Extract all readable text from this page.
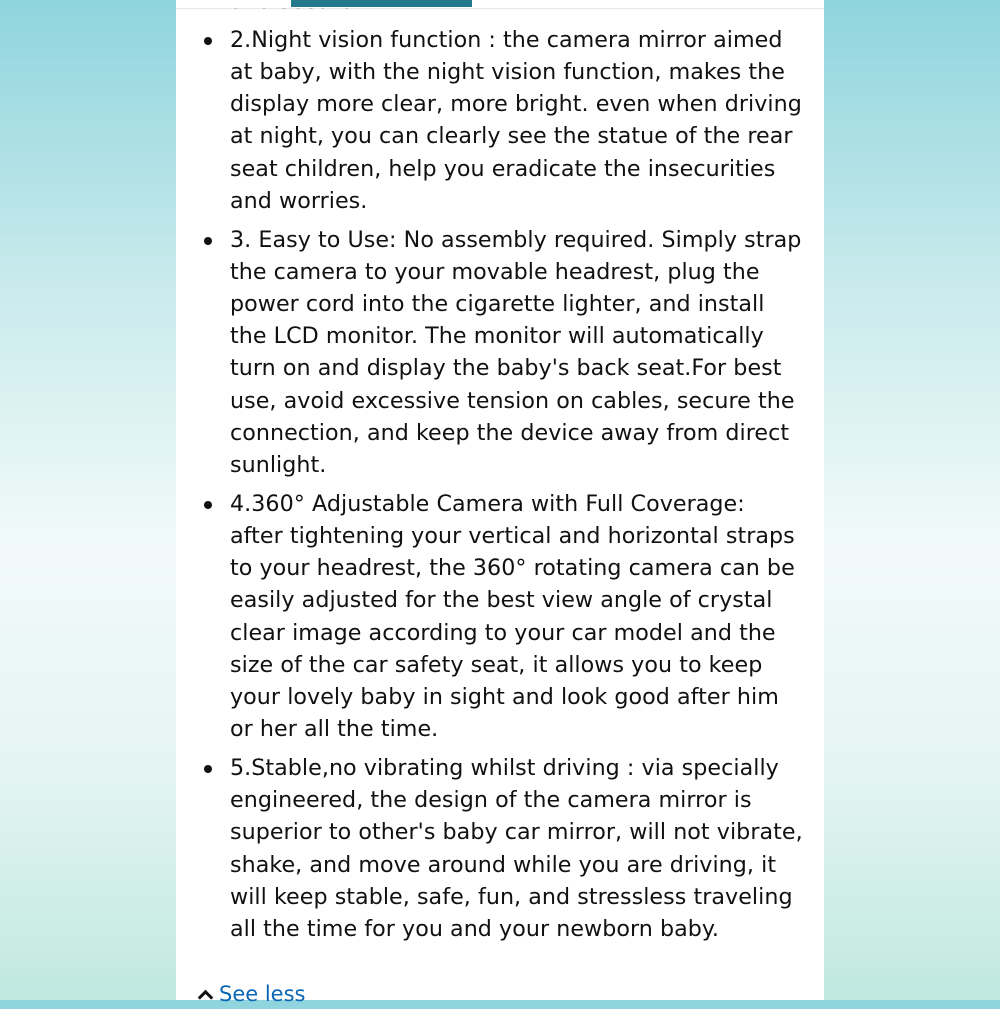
2.Night vision function : the camera mirror aimed at baby, with the night vision function, makes the display more clear, more bright. even when driving at night, you can clearly see the statue of the rear seat children, help you eradicate the insecurities and worries.
3. Easy to Use: No assembly required. Simply strap the camera to your movable headrest, plug the power cord into the cigarette lighter, and install the LCD monitor. The monitor will automatically turn on and display the baby's back seat.For best use, avoid excessive tension on cables, secure the connection, and keep the device away from direct sunlight.
4.360° Adjustable Camera with Full Coverage: after tightening your vertical and horizontal straps to your headrest, the 360° rotating camera can be easily adjusted for the best view angle of crystal clear image according to your car model and the size of the car safety seat, it allows you to keep your lovely baby in sight and look good after him or her all the time.
5.Stable,no vibrating whilst driving : via specially engineered, the design of the camera mirror is superior to other's baby car mirror, will not vibrate, shake, and move around while you are driving, it will keep stable, safe, fun, and stressless traveling all the time for you and your newborn baby.
See less
